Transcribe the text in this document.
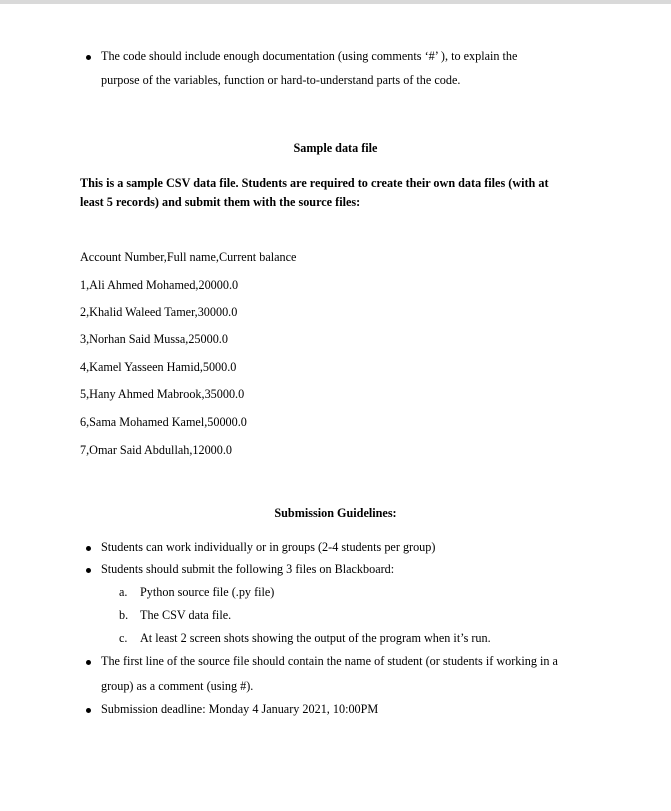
The code should include enough documentation (using comments ‘#’ ), to explain the
purpose of the variables, function or hard-to-understand parts of the code.
Sample data file
This is a sample CSV data file. Students are required to create their own data files (with at
least 5 records) and submit them with the source files:
Account Number,Full name,Current balance
1,Ali Ahmed Mohamed,20000.0
2,Khalid Waleed Tamer,30000.0
3,Norhan Said Mussa,25000.0
4,Kamel Yasseen Hamid,5000.0
5,Hany Ahmed Mabrook,35000.0
6,Sama Mohamed Kamel,50000.0
7,Omar Said Abdullah,12000.0
Submission Guidelines:
Students can work individually or in groups (2-4 students per group)
Students should submit the following 3 files on Blackboard:
a. Python source file (.py file)
b. The CSV data file.
c. At least 2 screen shots showing the output of the program when it’s run.
The first line of the source file should contain the name of student (or students if working in a
group) as a comment (using #).
Submission deadline: Monday 4 January 2021, 10:00PM
